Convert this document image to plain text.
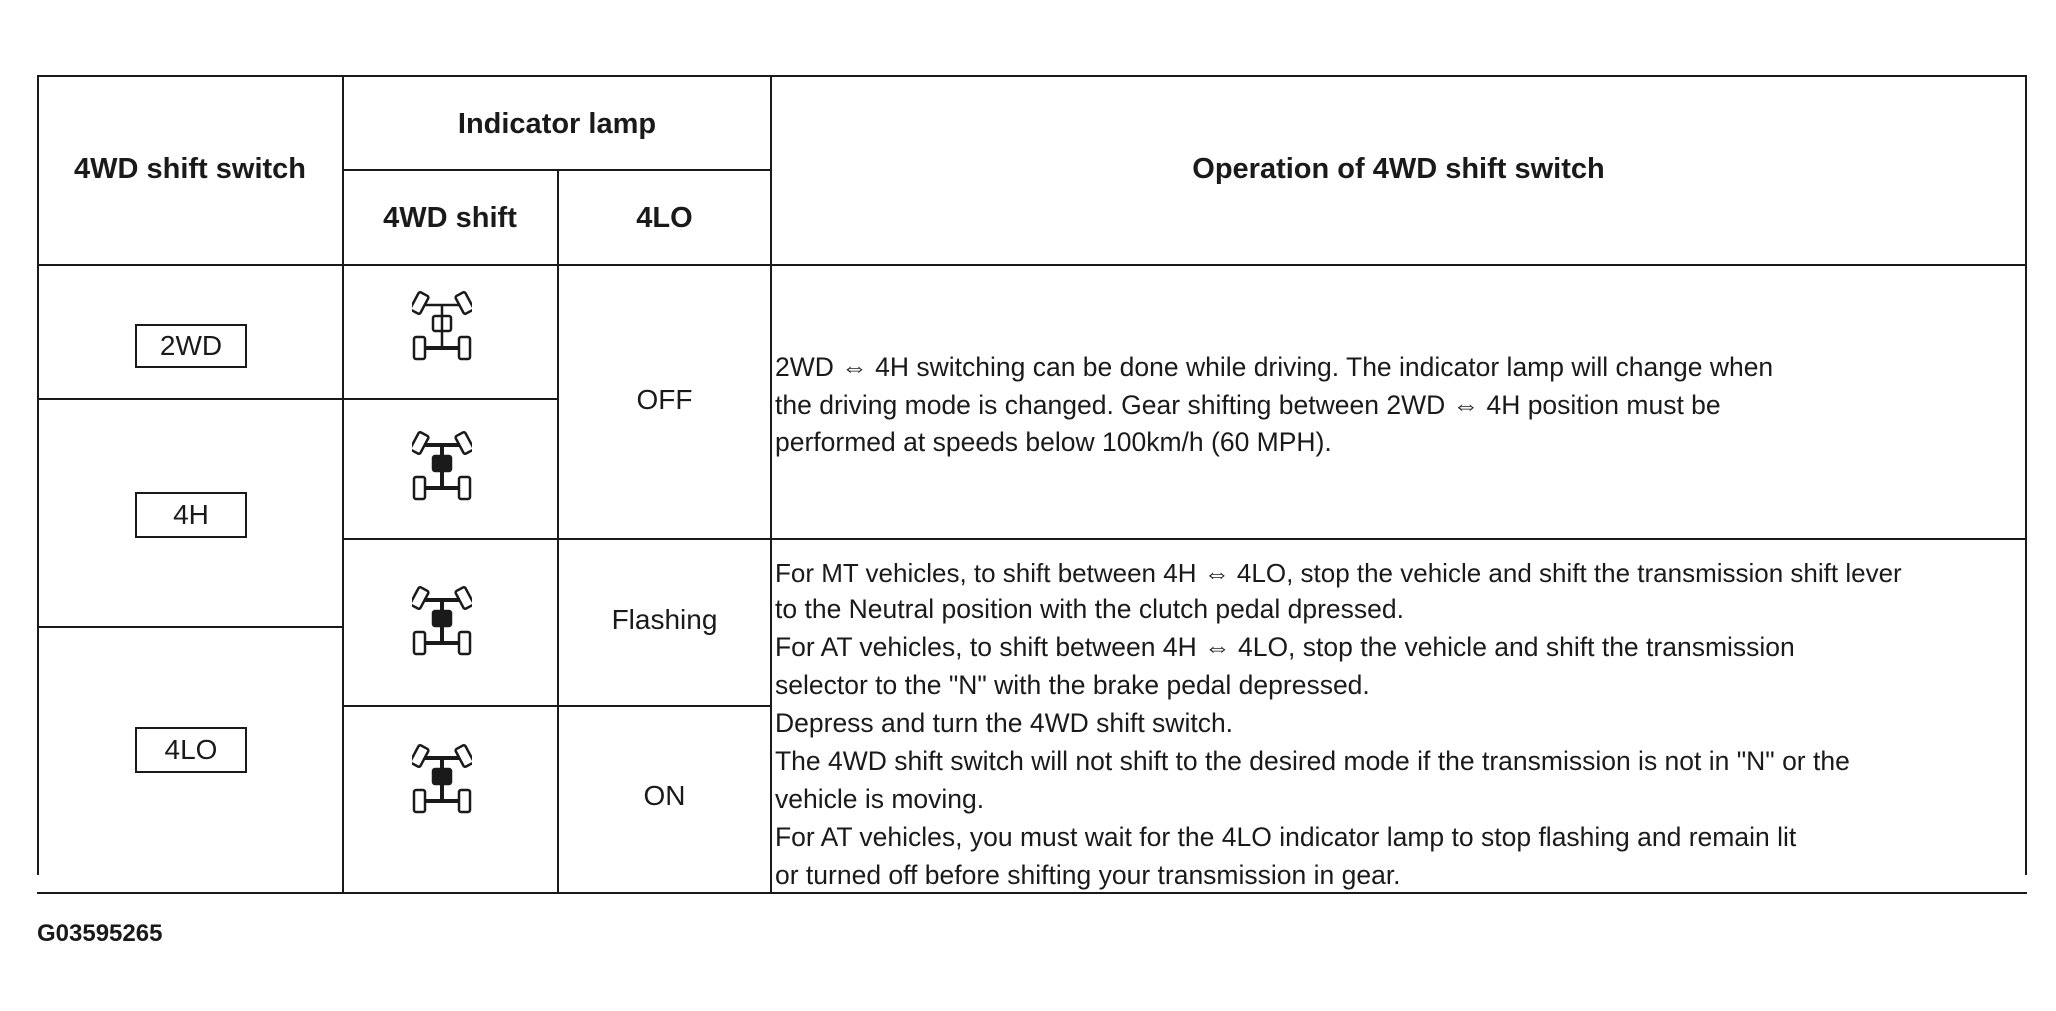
4WD shift switch
Indicator lamp
4WD shift	4LO
Operation of 4WD shift switch
2WD
4H
4LO
OFF
Flashing
ON
2WD ⇔ 4H switching can be done while driving. The indicator lamp will change when
the driving mode is changed. Gear shifting between 2WD ⇔ 4H position must be
performed at speeds below 100km/h (60 MPH).
For MT vehicles, to shift between 4H ⇔ 4LO, stop the vehicle and shift the transmission shift lever
to the Neutral position with the clutch pedal dpressed.
For AT vehicles, to shift between 4H ⇔ 4LO, stop the vehicle and shift the transmission
selector to the "N" with the brake pedal depressed.
Depress and turn the 4WD shift switch.
The 4WD shift switch will not shift to the desired mode if the transmission is not in "N" or the
vehicle is moving.
For AT vehicles, you must wait for the 4LO indicator lamp to stop flashing and remain lit
or turned off before shifting your transmission in gear.
G03595265
